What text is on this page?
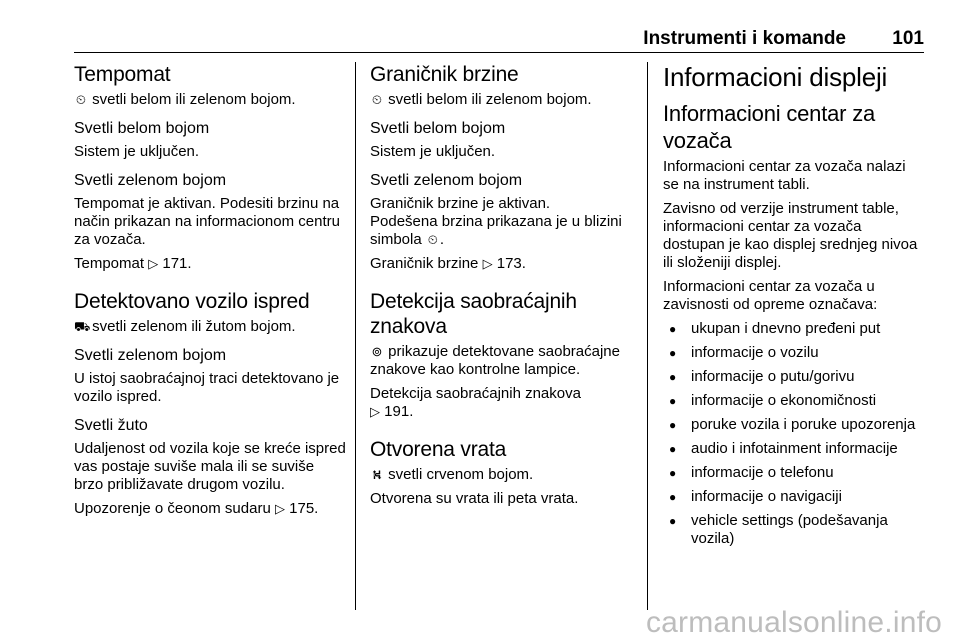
Instrumenti i komande 101
Tempomat

⏲ svetli belom ili zelenom bojom.

Svetli belom bojom

Sistem je uključen.

Svetli zelenom bojom

Tempomat je aktivan. Podesiti brzinu na način prikazan na informacionom centru za vozača.

Tempomat ▷ 171.

Detektovano vozilo ispred

⛟ svetli zelenom ili žutom bojom.

Svetli zelenom bojom

U istoj saobraćajnoj traci detektovano je vozilo ispred.

Svetli žuto

Udaljenost od vozila koje se kreće ispred vas postaje suviše mala ili se suviše brzo približavate drugom vozilu.

Upozorenje o čeonom sudaru ▷ 175.

Graničnik brzine

⏲ svetli belom ili zelenom bojom.

Svetli belom bojom

Sistem je uključen.

Svetli zelenom bojom

Graničnik brzine je aktivan.

Podešena brzina prikazana je u blizini simbola ⏲ .

Graničnik brzine ▷ 173.

Detekcija saobraćajnih znakova

⊚ prikazuje detektovane saobraćajne znakove kao kontrolne lampice.

Detekcija saobraćajnih znakova
▷ 191.

Otvorena vrata

⛕ svetli crvenom bojom.

Otvorena su vrata ili peta vrata.

Informacioni displeji
Informacioni centar za vozača

Informacioni centar za vozača nalazi se na instrument tabli.

Zavisno od verzije instrument table, informacioni centar za vozača dostupan je kao displej srednjeg nivoa ili složeniji displej.

Informacioni centar za vozača u zavisnosti od opreme označava:

● ukupan i dnevno pređeni put
● informacije o vozilu
● informacije o putu/gorivu
● informacije o ekonomičnosti
● poruke vozila i poruke upozorenja
● audio i infotainment informacije
● informacije o telefonu
● informacije o navigaciji
● vehicle settings (podešavanja vozila)
carmanualsonline.info
